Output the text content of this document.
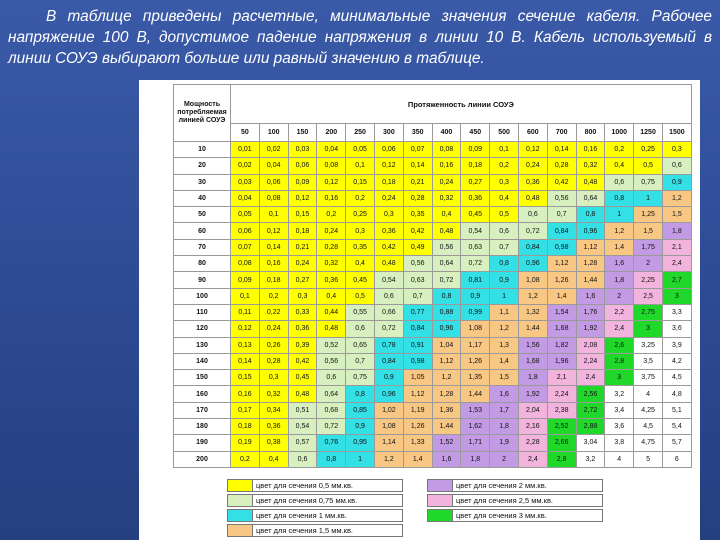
В таблице приведены расчетные, минимальные значения сечение кабеля. Рабочее напряжение 100 В, допустимое падение напряжения в линии 10 В. Кабель используемый в линии СОУЭ выбирают больше или равный значению в таблице.
Мощность потребляемая линией СОУЭ	Протяженность линии СОУЭ															
	50	100	150	200	250	300	350	400	450	500	600	700	800	1000	1250	1500
10	0,01	0,02	0,03	0,04	0,05	0,06	0,07	0,08	0,09	0,1	0,12	0,14	0,16	0,2	0,25	0,3
20	0,02	0,04	0,06	0,08	0,1	0,12	0,14	0,16	0,18	0,2	0,24	0,28	0,32	0,4	0,5	0,6
30	0,03	0,06	0,09	0,12	0,15	0,18	0,21	0,24	0,27	0,3	0,36	0,42	0,48	0,6	0,75	0,9
40	0,04	0,08	0,12	0,16	0,2	0,24	0,28	0,32	0,36	0,4	0,48	0,56	0,64	0,8	1	1,2
50	0,05	0,1	0,15	0,2	0,25	0,3	0,35	0,4	0,45	0,5	0,6	0,7	0,8	1	1,25	1,5
60	0,06	0,12	0,18	0,24	0,3	0,36	0,42	0,48	0,54	0,6	0,72	0,84	0,96	1,2	1,5	1,8
70	0,07	0,14	0,21	0,28	0,35	0,42	0,49	0,56	0,63	0,7	0,84	0,98	1,12	1,4	1,75	2,1
80	0,08	0,16	0,24	0,32	0,4	0,48	0,56	0,64	0,72	0,8	0,96	1,12	1,28	1,6	2	2,4
90	0,09	0,18	0,27	0,36	0,45	0,54	0,63	0,72	0,81	0,9	1,08	1,26	1,44	1,8	2,25	2,7
100	0,1	0,2	0,3	0,4	0,5	0,6	0,7	0,8	0,9	1	1,2	1,4	1,6	2	2,5	3
110	0,11	0,22	0,33	0,44	0,55	0,66	0,77	0,88	0,99	1,1	1,32	1,54	1,76	2,2	2,75	3,3
120	0,12	0,24	0,36	0,48	0,6	0,72	0,84	0,96	1,08	1,2	1,44	1,68	1,92	2,4	3	3,6
130	0,13	0,26	0,39	0,52	0,65	0,78	0,91	1,04	1,17	1,3	1,56	1,82	2,08	2,6	3,25	3,9
140	0,14	0,28	0,42	0,56	0,7	0,84	0,98	1,12	1,26	1,4	1,68	1,96	2,24	2,8	3,5	4,2
150	0,15	0,3	0,45	0,6	0,75	0,9	1,05	1,2	1,35	1,5	1,8	2,1	2,4	3	3,75	4,5
160	0,16	0,32	0,48	0,64	0,8	0,96	1,12	1,28	1,44	1,6	1,92	2,24	2,56	3,2	4	4,8
170	0,17	0,34	0,51	0,68	0,85	1,02	1,19	1,36	1,53	1,7	2,04	2,38	2,72	3,4	4,25	5,1
180	0,18	0,36	0,54	0,72	0,9	1,08	1,26	1,44	1,62	1,8	2,16	2,52	2,88	3,6	4,5	5,4
190	0,19	0,38	0,57	0,76	0,95	1,14	1,33	1,52	1,71	1,9	2,28	2,66	3,04	3,8	4,75	5,7
200	0,2	0,4	0,6	0,8	1	1,2	1,4	1,6	1,8	2	2,4	2,8	3,2	4	5	6
цвет для сечения 0,5 мм.кв.
цвет для сечения 0,75 мм.кв.
цвет для сечения 1 мм.кв.
цвет для сечения 1,5 мм.кв.
цвет для сечения 2 мм.кв.
цвет для сечения 2,5 мм.кв.
цвет для сечения 3 мм.кв.
